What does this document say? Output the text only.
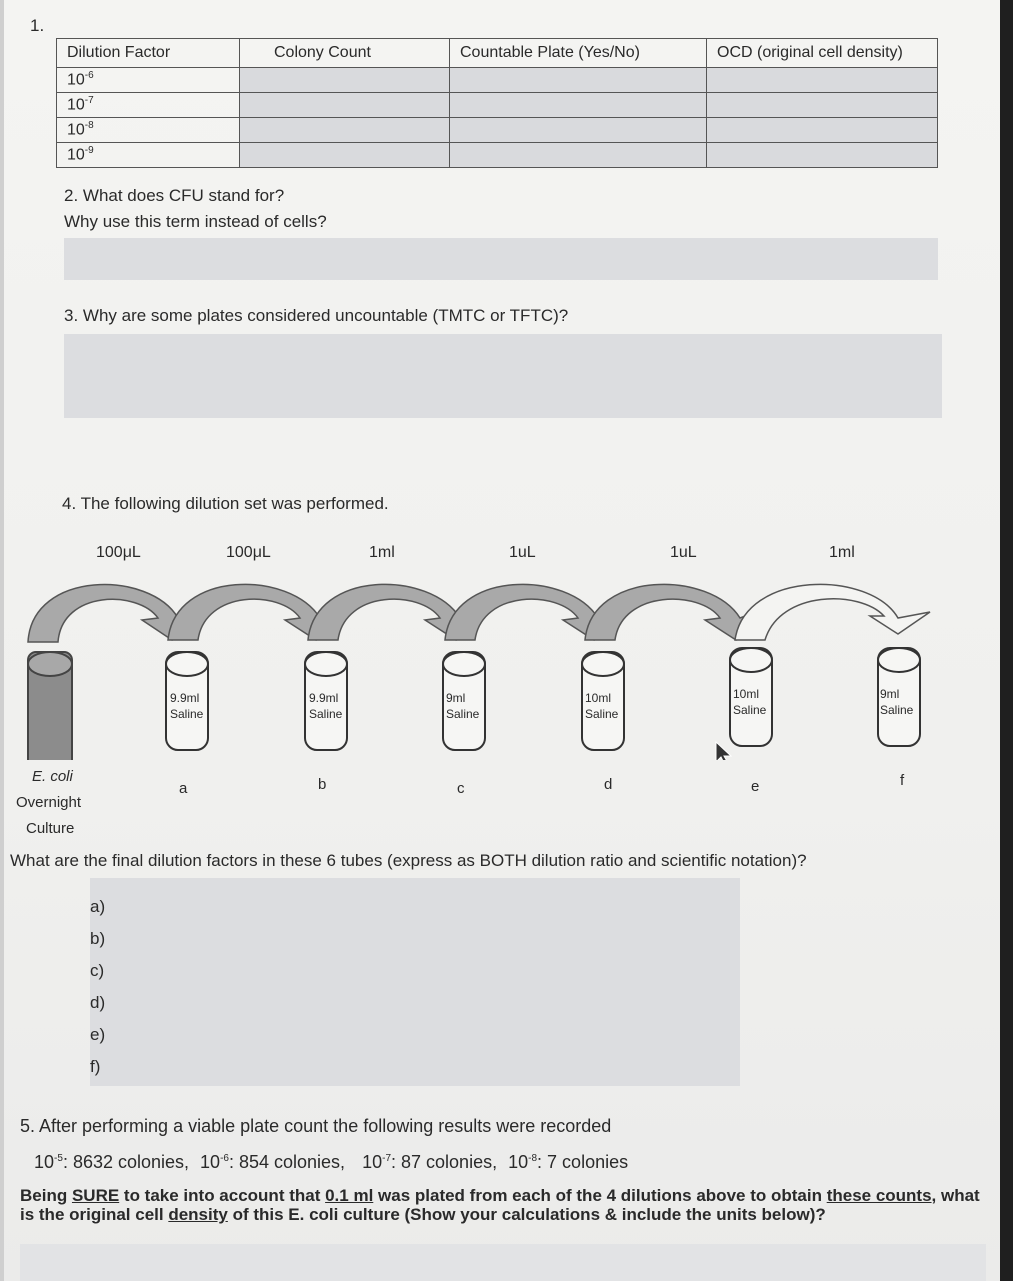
1.
Dilution Factor	Colony Count	Countable Plate (Yes/No)	OCD (original cell density)
$10^{-6}$			
$10^{-7}$			
$10^{-8}$			
$10^{-9}$			
2. What does CFU stand for?
Why use this term instead of cells?
3. Why are some plates considered uncountable (TMTC or TFTC)?
4. The following dilution set was performed.
100μL	100μL	1ml	1uL	1uL	1ml
9.9ml
Saline
9.9ml
Saline
9ml
Saline
10ml
Saline
10ml
Saline
9ml
Saline
a	b	c	d	e	f
E. coli
Overnight
Culture
What are the final dilution factors in these 6 tubes (express as BOTH dilution ratio and scientific notation)?
a)
b)
c)
d)
e)
f)
5. After performing a viable plate count the following results were recorded
$10^{-5}$: 8632 colonies, $10^{-6}$: 854 colonies, $10^{-7}$: 87 colonies, $10^{-8}$: 7 colonies
Being SURE to take into account that 0.1 ml was plated from each of the 4 dilutions above to obtain these counts, what is the original cell density of this E. coli culture (Show your calculations & include the units below)?
